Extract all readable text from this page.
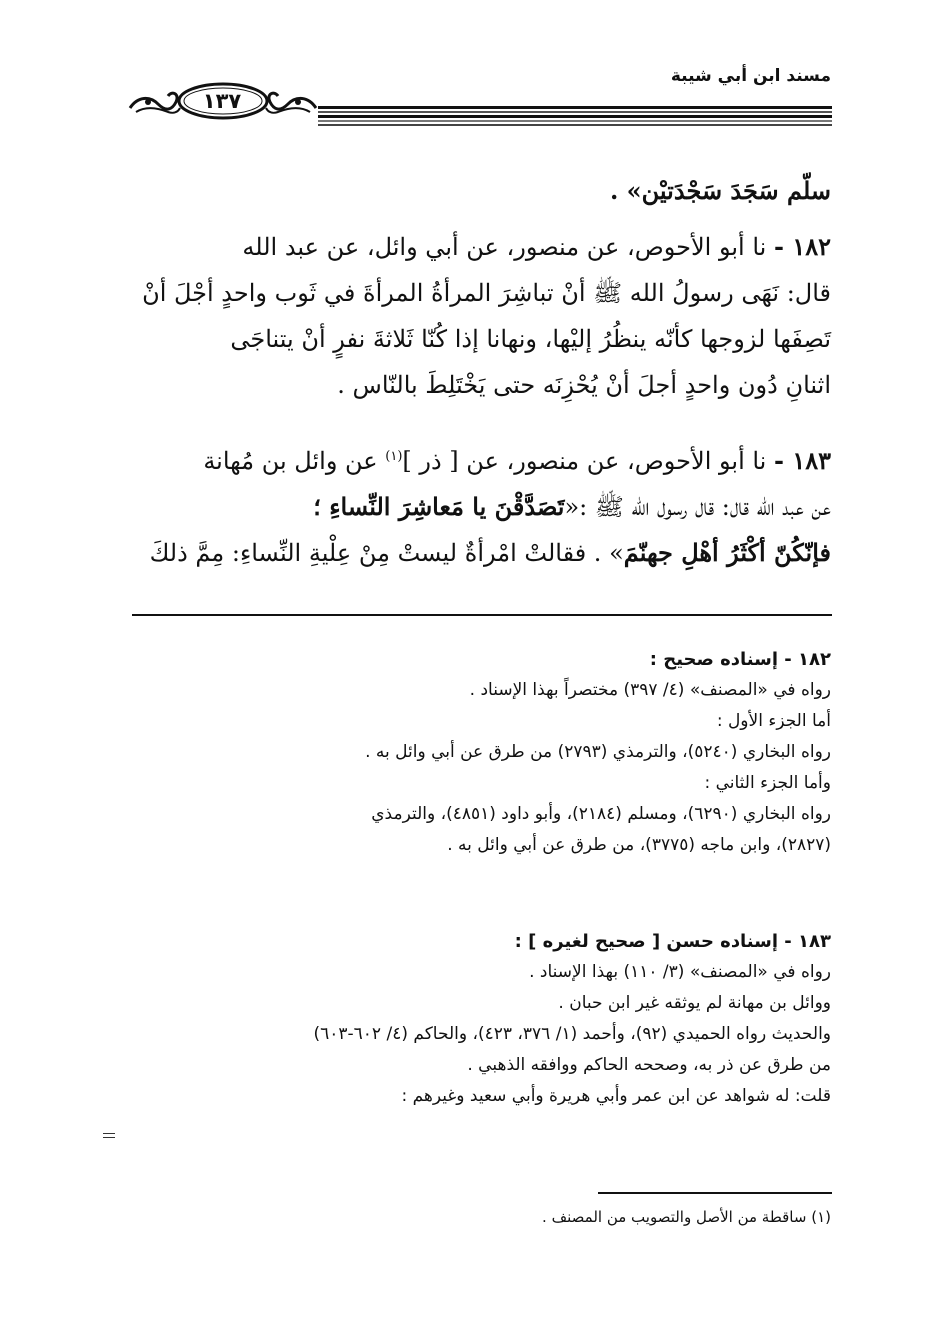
مسند ابن أبي شيبة
١٣٧

سلّم سَجَدَ سَجْدَتيْن» .

١٨٢ - نا أبو الأحوص، عن منصور، عن أبي وائل، عن عبد الله

قال: نَهَى رسولُ الله ﷺ أنْ تباشِرَ المرأةُ المرأةَ في ثَوب واحدٍ أجْلَ أنْ

تَصِفَها لزوجها كأنّه ينظُرُ إليْها، ونهانا إذا كُنّا ثَلاثةَ نفرٍ أنْ يتناجَى

اثنانِ دُون واحدٍ أجلَ أنْ يُحْزِنَه حتى يَخْتَلِطَ بالنّاس .

١٨٣ - نا أبو الأحوص، عن منصور، عن [ ذر ]$^{(١)}$ عن وائل بن مُهانة

عن عبد الله قال: قال رسول الله ﷺ :«تَصَدَّقْنَ يا مَعاشِرَ النِّساءِ ؛

فإنّكُنّ أكْثَرُ أهْلِ جهنّمَ» . فقالتْ امْرأةٌ ليستْ مِنْ عِلْيةِ النِّساءِ: مِمَّ ذلكَ

١٨٢ - إسناده صحيح :

رواه في «المصنف» (٤/ ٣٩٧) مختصراً بهذا الإسناد .

أما الجزء الأول :

رواه البخاري (٥٢٤٠)، والترمذي (٢٧٩٣) من طرق عن أبي وائل به .

وأما الجزء الثاني :

رواه البخاري (٦٢٩٠)، ومسلم (٢١٨٤)، وأبو داود (٤٨٥١)، والترمذي

(٢٨٢٧)، وابن ماجه (٣٧٧٥)، من طرق عن أبي وائل به .

١٨٣ - إسناده حسن [ صحيح لغيره ] :

رواه في «المصنف» (٣/ ١١٠) بهذا الإسناد .

ووائل بن مهانة لم يوثقه غير ابن حبان .

والحديث رواه الحميدي (٩٢)، وأحمد (١/ ٣٧٦، ٤٢٣)، والحاكم (٤/ ٦٠٢-٦٠٣)

من طرق عن ذر به، وصححه الحاكم ووافقه الذهبي .

قلت: له شواهد عن ابن عمر وأبي هريرة وأبي سعيد وغيرهم :

(١) ساقطة من الأصل والتصويب من المصنف .
